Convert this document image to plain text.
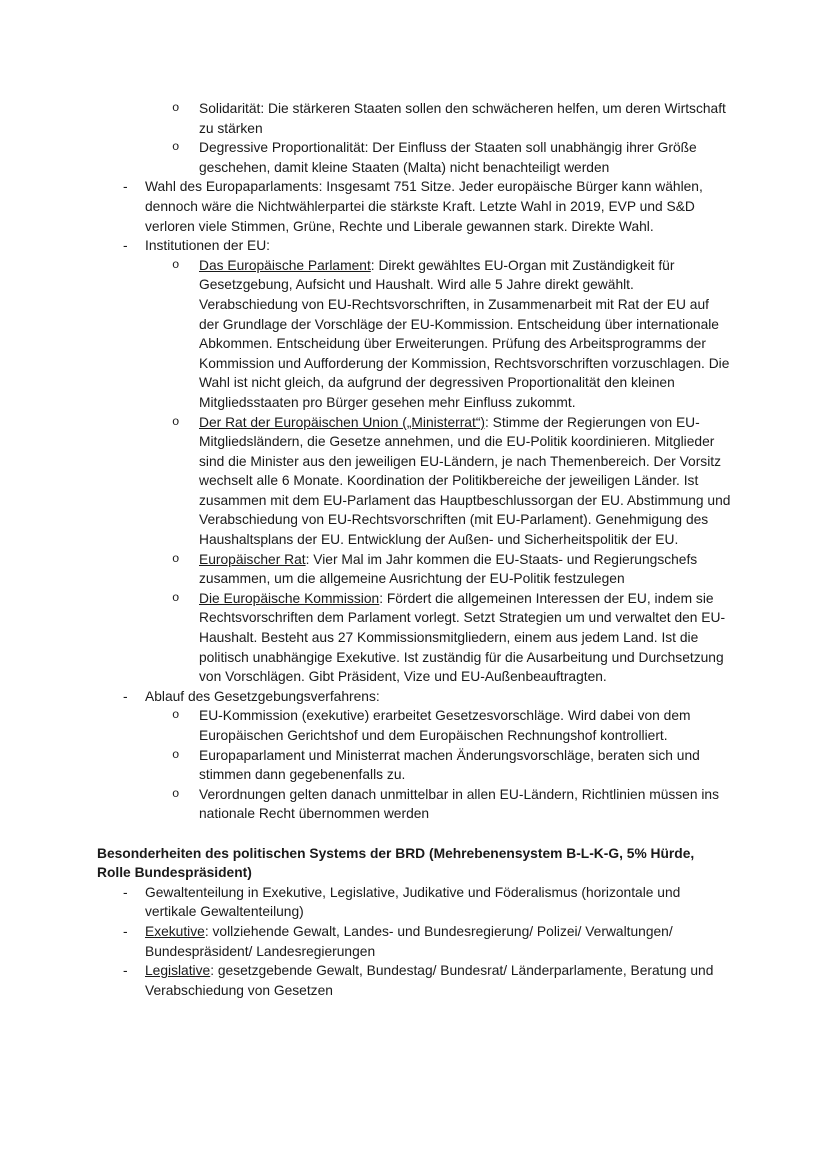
o	Solidarität: Die stärkeren Staaten sollen den schwächeren helfen, um deren Wirtschaft zu stärken
o	Degressive Proportionalität: Der Einfluss der Staaten soll unabhängig ihrer Größe geschehen, damit kleine Staaten (Malta) nicht benachteiligt werden
-	Wahl des Europaparlaments: Insgesamt 751 Sitze. Jeder europäische Bürger kann wählen, dennoch wäre die Nichtwählerpartei die stärkste Kraft. Letzte Wahl in 2019, EVP und S&D verloren viele Stimmen, Grüne, Rechte und Liberale gewannen stark. Direkte Wahl.
-	Institutionen der EU:
o	Das Europäische Parlament: Direkt gewähltes EU-Organ mit Zuständigkeit für Gesetzgebung, Aufsicht und Haushalt. Wird alle 5 Jahre direkt gewählt. Verabschiedung von EU-Rechtsvorschriften, in Zusammenarbeit mit Rat der EU auf der Grundlage der Vorschläge der EU-Kommission. Entscheidung über internationale Abkommen. Entscheidung über Erweiterungen. Prüfung des Arbeitsprogramms der Kommission und Aufforderung der Kommission, Rechtsvorschriften vorzuschlagen. Die Wahl ist nicht gleich, da aufgrund der degressiven Proportionalität den kleinen Mitgliedsstaaten pro Bürger gesehen mehr Einfluss zukommt.
o	Der Rat der Europäischen Union („Ministerrat“): Stimme der Regierungen von EU-Mitgliedsländern, die Gesetze annehmen, und die EU-Politik koordinieren. Mitglieder sind die Minister aus den jeweiligen EU-Ländern, je nach Themenbereich. Der Vorsitz wechselt alle 6 Monate. Koordination der Politikbereiche der jeweiligen Länder. Ist zusammen mit dem EU-Parlament das Hauptbeschlussorgan der EU. Abstimmung und Verabschiedung von EU-Rechtsvorschriften (mit EU-Parlament). Genehmigung des Haushaltsplans der EU. Entwicklung der Außen- und Sicherheitspolitik der EU.
o	Europäischer Rat: Vier Mal im Jahr kommen die EU-Staats- und Regierungschefs zusammen, um die allgemeine Ausrichtung der EU-Politik festzulegen
o	Die Europäische Kommission: Fördert die allgemeinen Interessen der EU, indem sie Rechtsvorschriften dem Parlament vorlegt. Setzt Strategien um und verwaltet den EU-Haushalt. Besteht aus 27 Kommissionsmitgliedern, einem aus jedem Land. Ist die politisch unabhängige Exekutive. Ist zuständig für die Ausarbeitung und Durchsetzung von Vorschlägen. Gibt Präsident, Vize und EU-Außenbeauftragten.
-	Ablauf des Gesetzgebungsverfahrens:
o	EU-Kommission (exekutive) erarbeitet Gesetzesvorschläge. Wird dabei von dem Europäischen Gerichtshof und dem Europäischen Rechnungshof kontrolliert.
o	Europaparlament und Ministerrat machen Änderungsvorschläge, beraten sich und stimmen dann gegebenenfalls zu.
o	Verordnungen gelten danach unmittelbar in allen EU-Ländern, Richtlinien müssen ins nationale Recht übernommen werden

Besonderheiten des politischen Systems der BRD (Mehrebenensystem B-L-K-G, 5% Hürde, Rolle Bundespräsident)

-	Gewaltenteilung in Exekutive, Legislative, Judikative und Föderalismus (horizontale und vertikale Gewaltenteilung)
-	Exekutive: vollziehende Gewalt, Landes- und Bundesregierung/ Polizei/ Verwaltungen/ Bundespräsident/ Landesregierungen
-	Legislative: gesetzgebende Gewalt, Bundestag/ Bundesrat/ Länderparlamente, Beratung und Verabschiedung von Gesetzen
